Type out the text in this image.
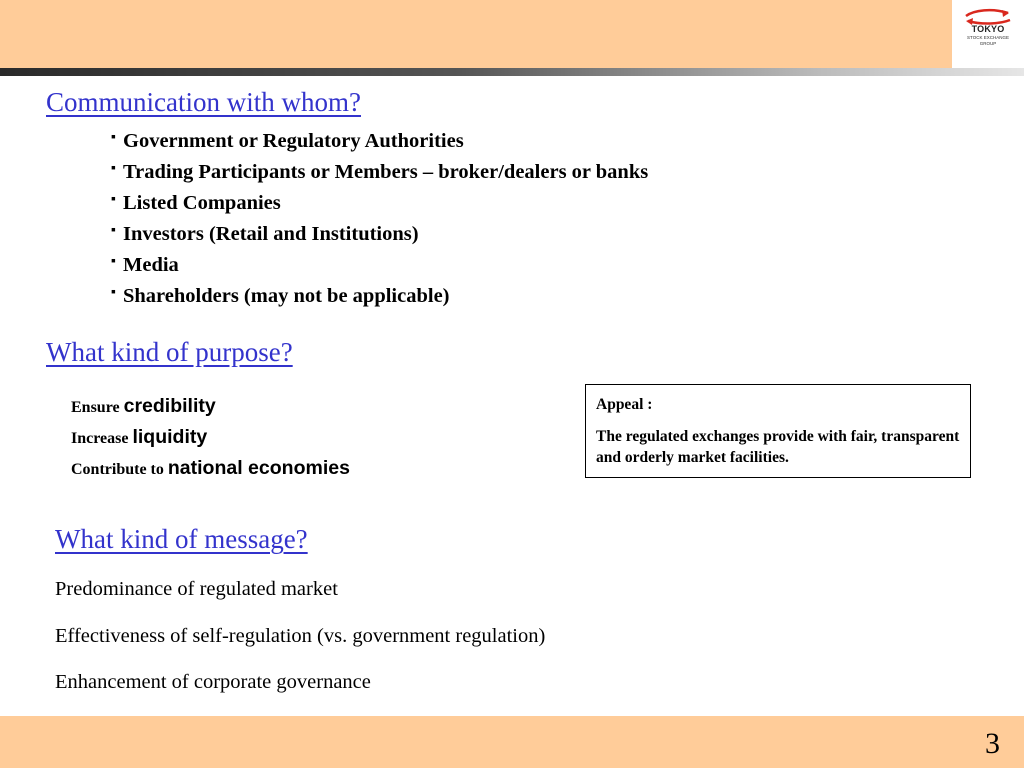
TOKYO
STOCK EXCHANGE
GROUP
Communication with whom?
▪ Government or Regulatory Authorities
▪ Trading Participants or Members – broker/dealers or banks
▪ Listed Companies
▪ Investors (Retail and Institutions)
▪ Media
▪ Shareholders (may not be applicable)
What kind of purpose?
Ensure credibility
Increase liquidity
Contribute to national economies
Appeal :
The regulated exchanges provide with fair, transparent and orderly market facilities.
What kind of message?
Predominance of regulated market
Effectiveness of self-regulation (vs. government regulation)
Enhancement of corporate governance
3
